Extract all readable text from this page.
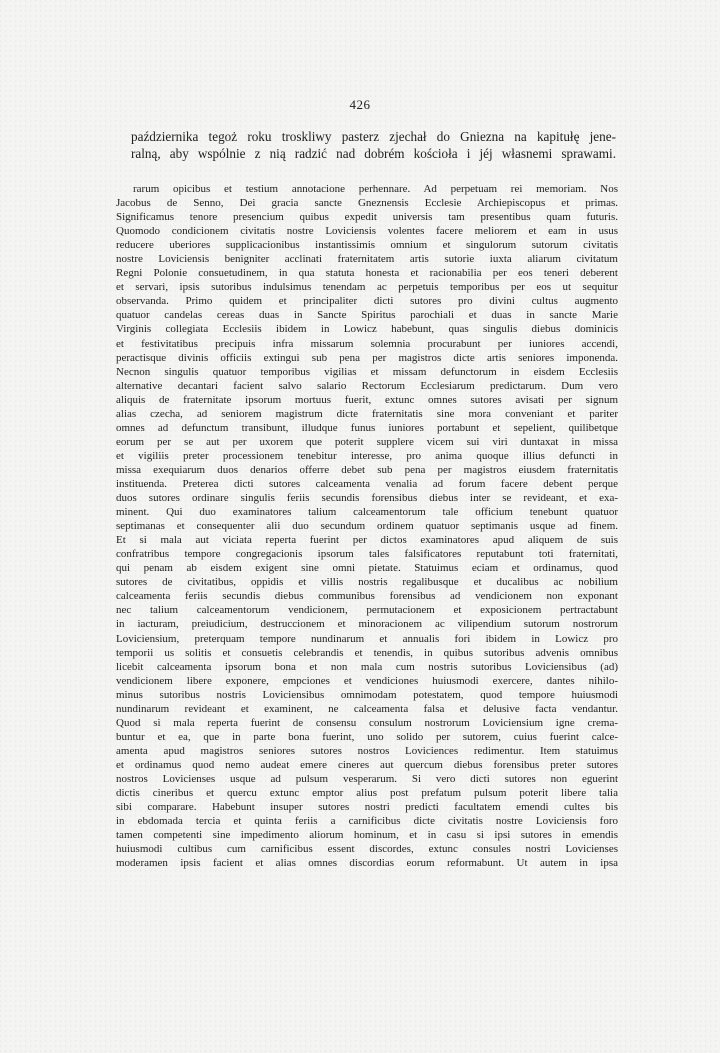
426
października tegoż roku troskliwy pasterz zjechał do Gniezna na kapitułę jene-
ralną, aby wspólnie z nią radzić nad dobrém kościoła i jéj własnemi sprawami.
rarum opicibus et testium annotacione perhennare. Ad perpetuam rei memoriam. Nos
Jacobus de Senno, Dei gracia sancte Gneznensis Ecclesie Archiepiscopus et primas.
Significamus tenore presencium quibus expedit universis tam presentibus quam futuris.
Quomodo condicionem civitatis nostre Loviciensis volentes facere meliorem et eam in usus
reducere uberiores supplicacionibus instantissimis omnium et singulorum sutorum civitatis
nostre Loviciensis benigniter acclinati fraternitatem artis sutorie iuxta aliarum civitatum
Regni Polonie consuetudinem, in qua statuta honesta et racionabilia per eos teneri deberent
et servari, ipsis sutoribus indulsimus tenendam ac perpetuis temporibus per eos ut sequitur
observanda. Primo quidem et principaliter dicti sutores pro divini cultus augmento
quatuor candelas cereas duas in Sancte Spiritus parochiali et duas in sancte Marie
Virginis collegiata Ecclesiis ibidem in Lowicz habebunt, quas singulis diebus dominicis
et festivitatibus precipuis infra missarum solemnia procurabunt per iuniores accendi,
peractisque divinis officiis extingui sub pena per magistros dicte artis seniores imponenda.
Necnon singulis quatuor temporibus vigilias et missam defunctorum in eisdem Ecclesiis
alternative decantari facient salvo salario Rectorum Ecclesiarum predictarum. Dum vero
aliquis de fraternitate ipsorum mortuus fuerit, extunc omnes sutores avisati per signum
alias czecha, ad seniorem magistrum dicte fraternitatis sine mora conveniant et pariter
omnes ad defunctum transibunt, illudque funus iuniores portabunt et sepelient, quilibetque
eorum per se aut per uxorem que poterit supplere vicem sui viri duntaxat in missa
et vigiliis preter processionem tenebitur interesse, pro anima quoque illius defuncti in
missa exequiarum duos denarios offerre debet sub pena per magistros eiusdem fraternitatis
instituenda. Preterea dicti sutores calceamenta venalia ad forum facere debent perque
duos sutores ordinare singulis feriis secundis forensibus diebus inter se revideant, et exa-
minent. Qui duo examinatores talium calceamentorum tale officium tenebunt quatuor
septimanas et consequenter alii duo secundum ordinem quatuor septimanis usque ad finem.
Et si mala aut viciata reperta fuerint per dictos examinatores apud aliquem de suis
confratribus tempore congregacionis ipsorum tales falsificatores reputabunt toti fraternitati,
qui penam ab eisdem exigent sine omni pietate. Statuimus eciam et ordinamus, quod
sutores de civitatibus, oppidis et villis nostris regalibusque et ducalibus ac nobilium
calceamenta feriis secundis diebus communibus forensibus ad vendicionem non exponant
nec talium calceamentorum vendicionem, permutacionem et exposicionem pertractabunt
in iacturam, preiudicium, destruccionem et minoracionem ac vilipendium sutorum nostrorum
Loviciensium, preterquam tempore nundinarum et annualis fori ibidem in Lowicz pro
temporii us solitis et consuetis celebrandis et tenendis, in quibus sutoribus advenis omnibus
licebit calceamenta ipsorum bona et non mala cum nostris sutoribus Loviciensibus (ad)
vendicionem libere exponere, empciones et vendiciones huiusmodi exercere, dantes nihilo-
minus sutoribus nostris Loviciensibus omnimodam potestatem, quod tempore huiusmodi
nundinarum revideant et examinent, ne calceamenta falsa et delusive facta vendantur.
Quod si mala reperta fuerint de consensu consulum nostrorum Loviciensium igne crema-
buntur et ea, que in parte bona fuerint, uno solido per sutorem, cuius fuerint calce-
amenta apud magistros seniores sutores nostros Loviciences redimentur. Item statuimus
et ordinamus quod nemo audeat emere cineres aut quercum diebus forensibus preter sutores
nostros Lovicienses usque ad pulsum vesperarum. Si vero dicti sutores non eguerint
dictis cineribus et quercu extunc emptor alius post prefatum pulsum poterit libere talia
sibi comparare. Habebunt insuper sutores nostri predicti facultatem emendi cultes bis
in ebdomada tercia et quinta feriis a carnificibus dicte civitatis nostre Loviciensis foro
tamen competenti sine impedimento aliorum hominum, et in casu si ipsi sutores in emendis
huiusmodi cultibus cum carnificibus essent discordes, extunc consules nostri Lovicienses
moderamen ipsis facient et alias omnes discordias eorum reformabunt. Ut autem in ipsa
